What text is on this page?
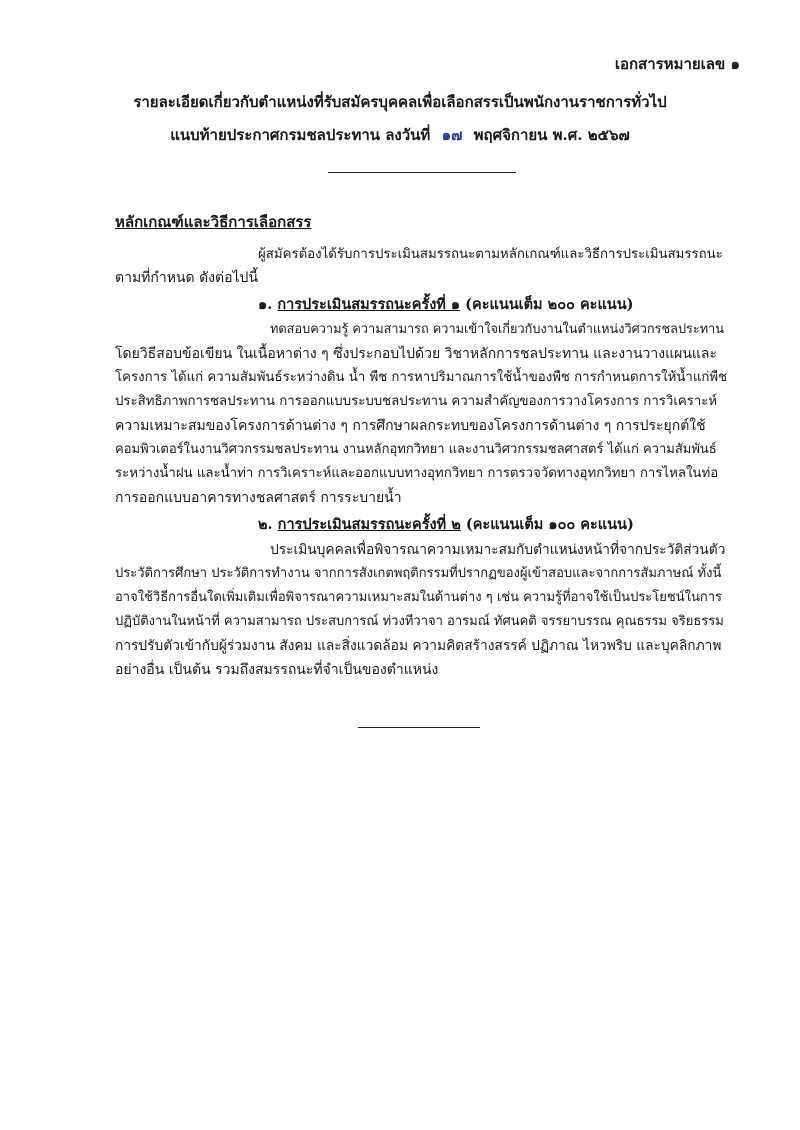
เอกสารหมายเลข ๑
รายละเอียดเกี่ยวกับตำแหน่งที่รับสมัครบุคคลเพื่อเลือกสรรเป็นพนักงานราชการทั่วไป
แนบท้ายประกาศกรมชลประทาน ลงวันที่ ๑๗ พฤศจิกายน พ.ศ. ๒๕๖๗
หลักเกณฑ์และวิธีการเลือกสรร
ผู้สมัครต้องได้รับการประเมินสมรรถนะตามหลักเกณฑ์และวิธีการประเมินสมรรถนะ
ตามที่กำหนด ดังต่อไปนี้
๑. การประเมินสมรรถนะครั้งที่ ๑ (คะแนนเต็ม ๒๐๐ คะแนน)
ทดสอบความรู้ ความสามารถ ความเข้าใจเกี่ยวกับงานในตำแหน่งวิศวกรชลประทาน
โดยวิธีสอบข้อเขียน ในเนื้อหาต่าง ๆ ซึ่งประกอบไปด้วย วิชาหลักการชลประทาน และงานวางแผนและ
โครงการ ได้แก่ ความสัมพันธ์ระหว่างดิน น้ำ พืช การหาปริมาณการใช้น้ำของพืช การกำหนดการให้น้ำแก่พืช
ประสิทธิภาพการชลประทาน การออกแบบระบบชลประทาน ความสำคัญของการวางโครงการ การวิเคราะห์
ความเหมาะสมของโครงการด้านต่าง ๆ การศึกษาผลกระทบของโครงการด้านต่าง ๆ การประยุกต์ใช้
คอมพิวเตอร์ในงานวิศวกรรมชลประทาน งานหลักอุทกวิทยา และงานวิศวกรรมชลศาสตร์ ได้แก่ ความสัมพันธ์
ระหว่างน้ำฝน และน้ำท่า การวิเคราะห์และออกแบบทางอุทกวิทยา การตรวจวัดทางอุทกวิทยา การไหลในท่อ
การออกแบบอาคารทางชลศาสตร์ การระบายน้ำ
๒. การประเมินสมรรถนะครั้งที่ ๒ (คะแนนเต็ม ๑๐๐ คะแนน)
ประเมินบุคคลเพื่อพิจารณาความเหมาะสมกับตำแหน่งหน้าที่จากประวัติส่วนตัว
ประวัติการศึกษา ประวัติการทำงาน จากการสังเกตพฤติกรรมที่ปรากฏของผู้เข้าสอบและจากการสัมภาษณ์ ทั้งนี้
อาจใช้วิธีการอื่นใดเพิ่มเติมเพื่อพิจารณาความเหมาะสมในด้านต่าง ๆ เช่น ความรู้ที่อาจใช้เป็นประโยชน์ในการ
ปฏิบัติงานในหน้าที่ ความสามารถ ประสบการณ์ ท่วงทีวาจา อารมณ์ ทัศนคติ จรรยาบรรณ คุณธรรม จริยธรรม
การปรับตัวเข้ากับผู้ร่วมงาน สังคม และสิ่งแวดล้อม ความคิดสร้างสรรค์ ปฏิภาณ ไหวพริบ และบุคลิกภาพ
อย่างอื่น เป็นต้น รวมถึงสมรรถนะที่จำเป็นของตำแหน่ง
